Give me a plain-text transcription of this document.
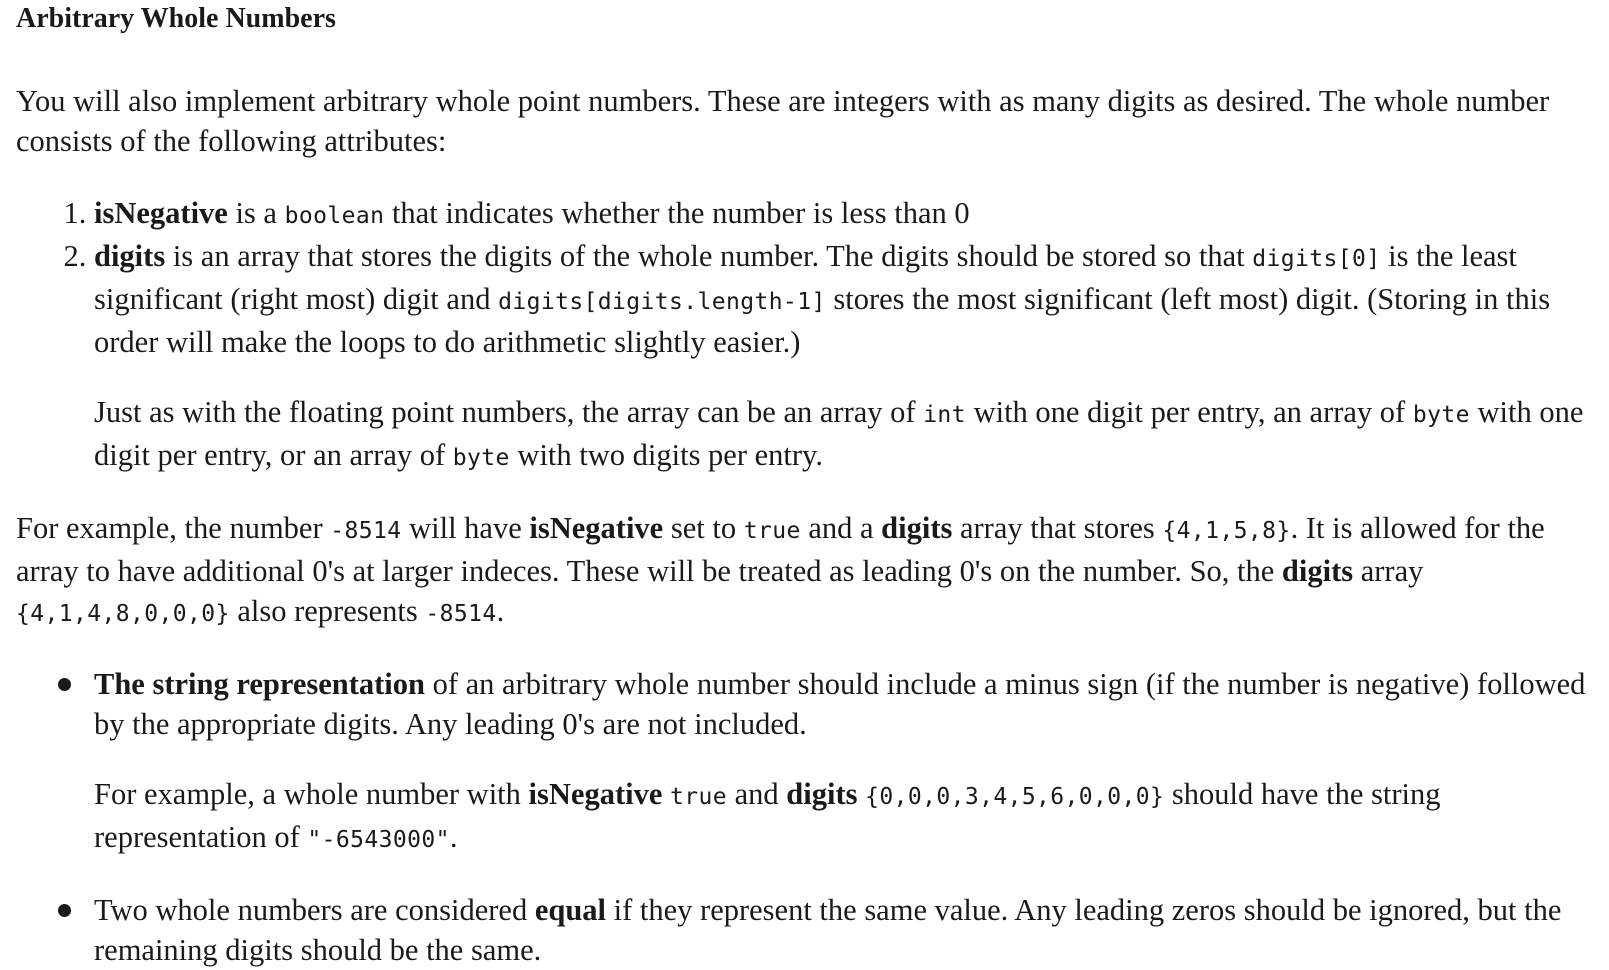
Arbitrary Whole Numbers

You will also implement arbitrary whole point numbers. These are integers with as many digits as desired. The whole number consists of the following attributes:

1. isNegative is a boolean that indicates whether the number is less than 0
2. digits is an array that stores the digits of the whole number. The digits should be stored so that digits[0] is the least significant (right most) digit and digits[digits.length-1] stores the most significant (left most) digit. (Storing in this order will make the loops to do arithmetic slightly easier.)

Just as with the floating point numbers, the array can be an array of int with one digit per entry, an array of byte with one digit per entry, or an array of byte with two digits per entry.

For example, the number -8514 will have isNegative set to true and a digits array that stores {4,1,5,8}. It is allowed for the array to have additional 0's at larger indeces. These will be treated as leading 0's on the number. So, the digits array {4,1,4,8,0,0,0} also represents -8514.

The string representation of an arbitrary whole number should include a minus sign (if the number is negative) followed by the appropriate digits. Any leading 0's are not included.

For example, a whole number with isNegative true and digits {0,0,0,3,4,5,6,0,0,0} should have the string representation of "-6543000".

Two whole numbers are considered equal if they represent the same value. Any leading zeros should be ignored, but the remaining digits should be the same.
